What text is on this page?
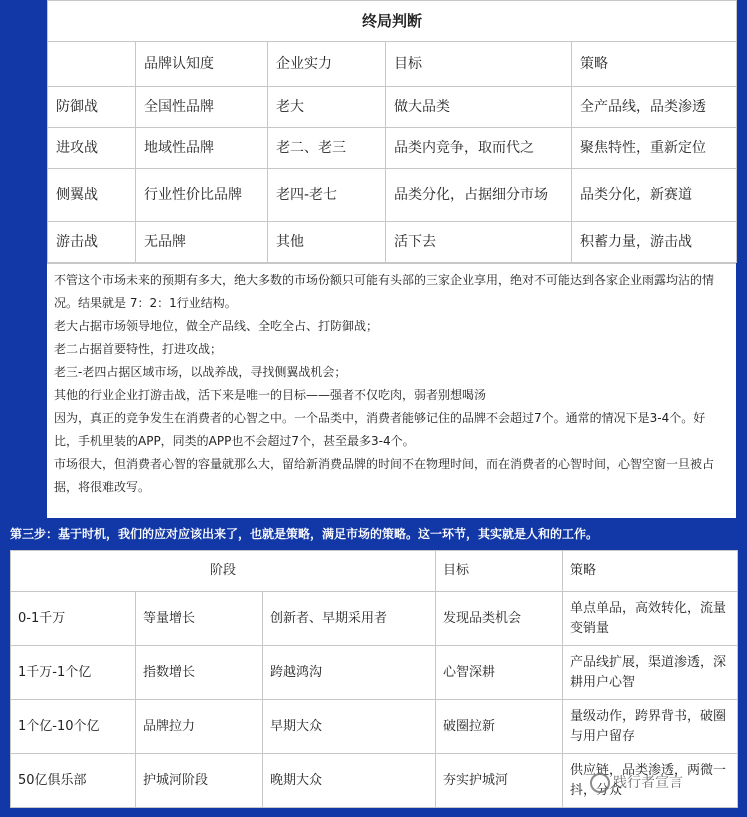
终局判断				
	品牌认知度	企业实力	目标	策略
防御战	全国性品牌	老大	做大品类	全产品线，品类渗透
进攻战	地域性品牌	老二、老三	品类内竞争，取而代之	聚焦特性，重新定位
侧翼战	行业性价比品牌	老四-老七	品类分化，占据细分市场	品类分化，新赛道
游击战	无品牌	其他	活下去	积蓄力量，游击战

不管这个市场未来的预期有多大，绝大多数的市场份额只可能有头部的三家企业享用，绝对不可能达到各家企业雨露均沾的情况。结果就是 7：2：1行业结构。

老大占据市场领导地位，做全产品线、全吃全占、打防御战；

老二占据首要特性，打进攻战；

老三-老四占据区域市场，以战养战，寻找侧翼战机会；

其他的行业企业打游击战，活下来是唯一的目标——强者不仅吃肉，弱者别想喝汤

因为，真正的竞争发生在消费者的心智之中。一个品类中，消费者能够记住的品牌不会超过7个。通常的情况下是3-4个。好比，手机里装的APP，同类的APP也不会超过7个，甚至最多3-4个。

市场很大，但消费者心智的容量就那么大，留给新消费品牌的时间不在物理时间，而在消费者的心智时间，心智空窗一旦被占据，将很难改写。

第三步：基于时机，我们的应对应该出来了，也就是策略，满足市场的策略。这一环节，其实就是人和的工作。
阶段			目标	策略
0-1千万	等量增长	创新者、早期采用者	发现品类机会	单点单品，高效转化，流量变销量
1千万-1个亿	指数增长	跨越鸿沟	心智深耕	产品线扩展，渠道渗透，深耕用户心智
1个亿-10个亿	品牌拉力	早期大众	破圈拉新	量级动作，跨界背书，破圈与用户留存
50亿俱乐部	护城河阶段	晚期大众	夯实护城河	供应链，品类渗透，两微一抖，分众
践行者宣言
